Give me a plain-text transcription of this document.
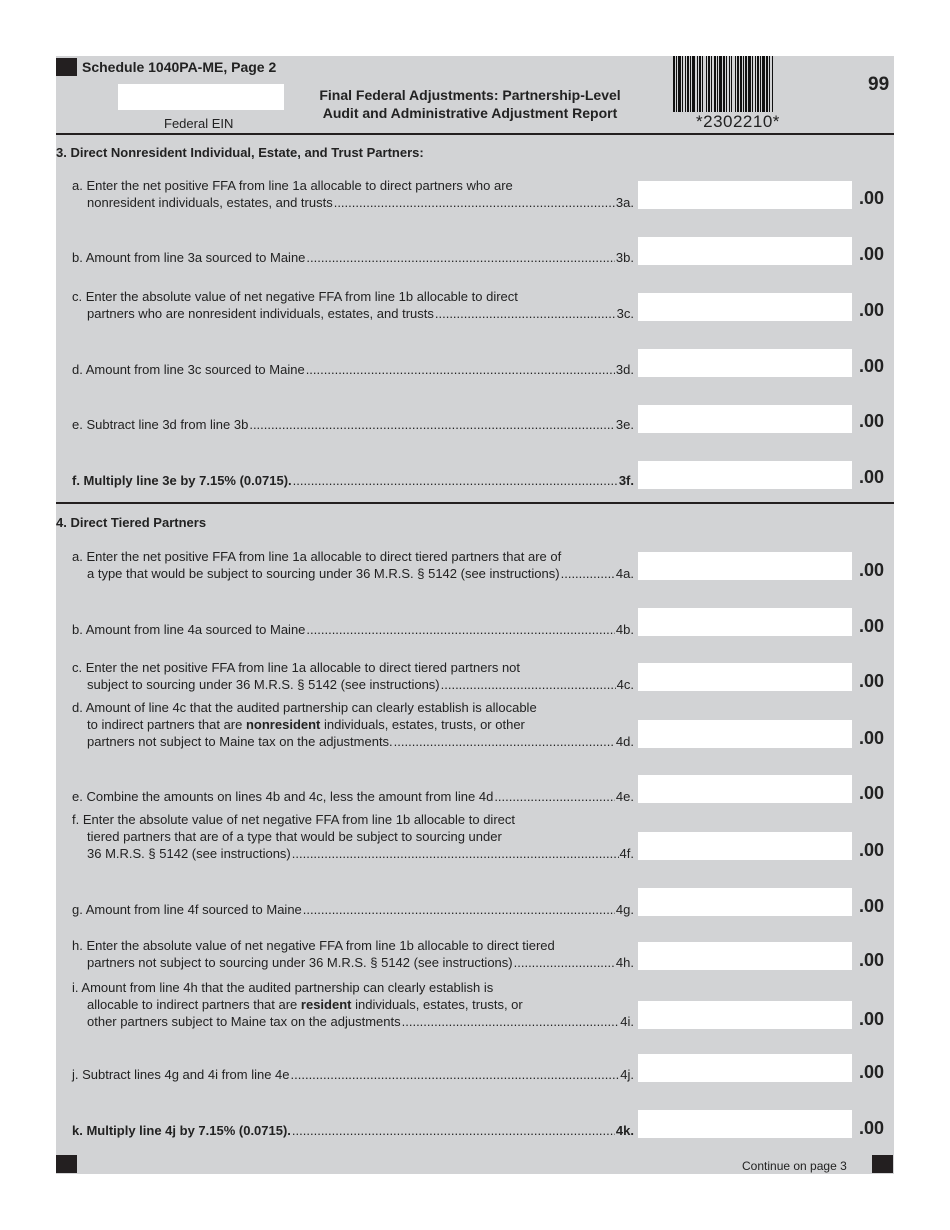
Schedule 1040PA-ME, Page 2
Federal EIN
Final Federal Adjustments: Partnership-Level
Audit and Administrative Adjustment Report	*2302210*
99
3. Direct Nonresident Individual, Estate, and Trust Partners:
a. Enter the net positive FFA from line 1a allocable to direct partners who are
nonresident individuals, estates, and trusts .....	3a.	.00
b. Amount from line 3a sourced to Maine .....	3b.	.00
c. Enter the absolute value of net negative FFA from line 1b allocable to direct
partners who are nonresident individuals, estates, and trusts .....	3c.	.00
d. Amount from line 3c sourced to Maine .....	3d.	.00
e. Subtract line 3d from line 3b .....	3e.	.00
f. Multiply line 3e by 7.15% (0.0715). .....	3f.	.00
4. Direct Tiered Partners
a. Enter the net positive FFA from line 1a allocable to direct tiered partners that are of
a type that would be subject to sourcing under 36 M.R.S. § 5142 (see instructions) .....	4a.	.00
b. Amount from line 4a sourced to Maine .....	4b.	.00
c. Enter the net positive FFA from line 1a allocable to direct tiered partners not
subject to sourcing under 36 M.R.S. § 5142 (see instructions) .....	4c.	.00
d. Amount of line 4c that the audited partnership can clearly establish is allocable
to indirect partners that are nonresident individuals, estates, trusts, or other
partners not subject to Maine tax on the adjustments. .....	4d.	.00
e. Combine the amounts on lines 4b and 4c, less the amount from line 4d .....	4e.	.00
f. Enter the absolute value of net negative FFA from line 1b allocable to direct
tiered partners that are of a type that would be subject to sourcing under
36 M.R.S. § 5142 (see instructions) .....	4f.	.00
g. Amount from line 4f sourced to Maine .....	4g.	.00
h. Enter the absolute value of net negative FFA from line 1b allocable to direct tiered
partners not subject to sourcing under 36 M.R.S. § 5142 (see instructions) .....	4h.	.00
i. Amount from line 4h that the audited partnership can clearly establish is
allocable to indirect partners that are resident individuals, estates, trusts, or
other partners subject to Maine tax on the adjustments .....	4i.	.00
j. Subtract lines 4g and 4i from line 4e .....	4j.	.00
k. Multiply line 4j by 7.15% (0.0715). .....	4k.	.00
Continue on page 3
